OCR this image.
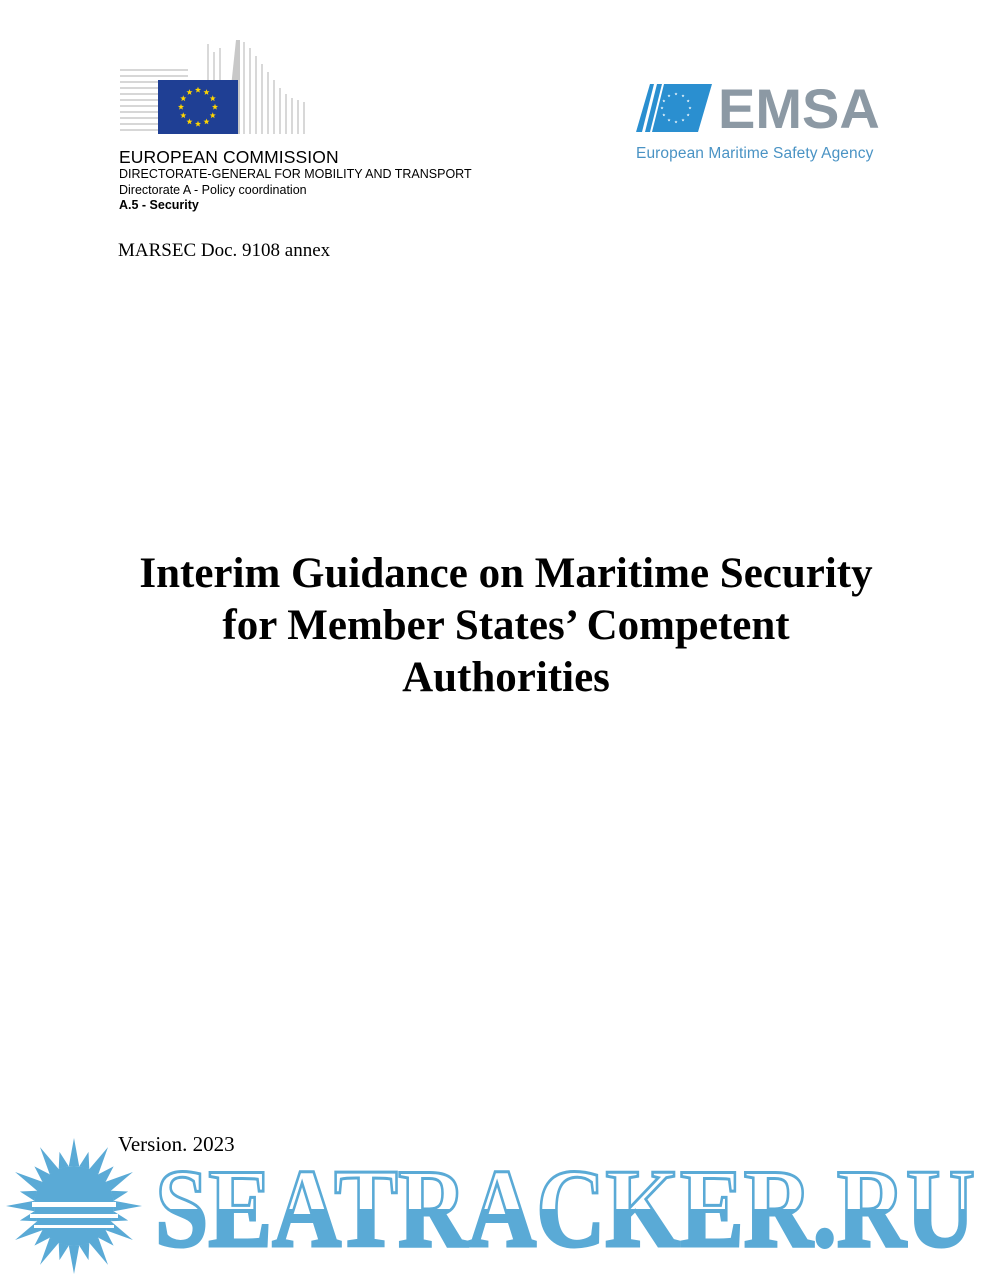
EUROPEAN COMMISSION
DIRECTORATE-GENERAL FOR MOBILITY AND TRANSPORT
Directorate A - Policy coordination
A.5 - Security
EMSA
European Maritime Safety Agency
MARSEC Doc. 9108 annex
Interim Guidance on Maritime Security
for Member States’ Competent
Authorities
Version. 2023
SEATRACKER.RU
